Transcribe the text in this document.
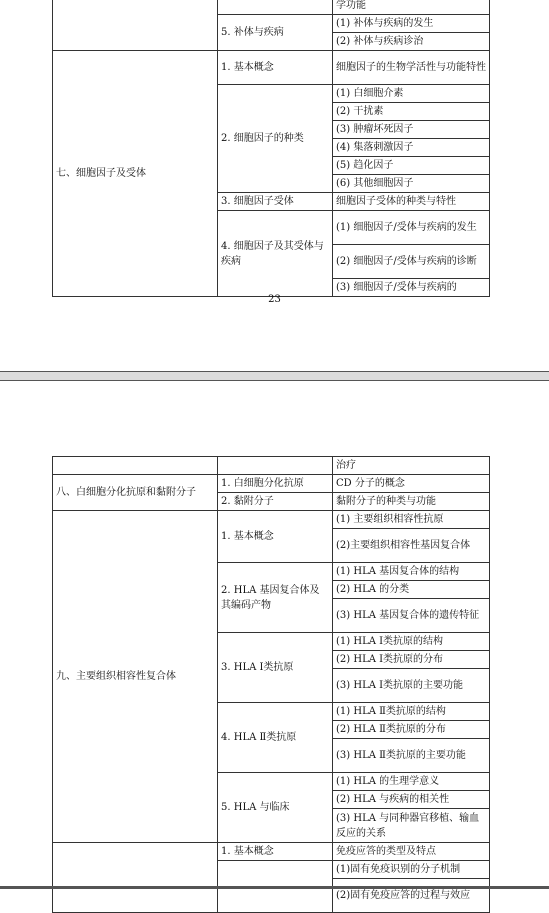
		学功能
	5. 补体与疾病	(1) 补体与疾病的发生
		(2) 补体与疾病诊治
七、细胞因子及受体	1. 基本概念	细胞因子的生物学活性与功能特性
	2. 细胞因子的种类	(1) 白细胞介素
		(2) 干扰素
		(3) 肿瘤坏死因子
		(4) 集落刺激因子
		(5) 趋化因子
		(6) 其他细胞因子
	3. 细胞因子受体	细胞因子受体的种类与特性
	4. 细胞因子及其受体与疾病	(1) 细胞因子/受体与疾病的发生
		(2) 细胞因子/受体与疾病的诊断
		(3) 细胞因子/受体与疾病的
23
		治疗
八、白细胞分化抗原和黏附分子	1. 白细胞分化抗原	CD 分子的概念
	2. 黏附分子	黏附分子的种类与功能
九、主要组织相容性复合体	1. 基本概念	(1) 主要组织相容性抗原
		(2)主要组织相容性基因复合体
	2. HLA 基因复合体及其编码产物	(1) HLA 基因复合体的结构
		(2) HLA 的分类
		(3) HLA 基因复合体的遗传特征
	3. HLA Ⅰ类抗原	(1) HLA Ⅰ类抗原的结构
		(2) HLA Ⅰ类抗原的分布
		(3) HLA Ⅰ类抗原的主要功能
	4. HLA Ⅱ类抗原	(1) HLA Ⅱ类抗原的结构
		(2) HLA Ⅱ类抗原的分布
		(3) HLA Ⅱ类抗原的主要功能
	5. HLA 与临床	(1) HLA 的生理学意义
		(2) HLA 与疾病的相关性
		(3) HLA 与同种器官移植、输血反应的关系
	1. 基本概念	免疫应答的类型及特点
		(1)固有免疫识别的分子机制
		(2)固有免疫应答的过程与效应
